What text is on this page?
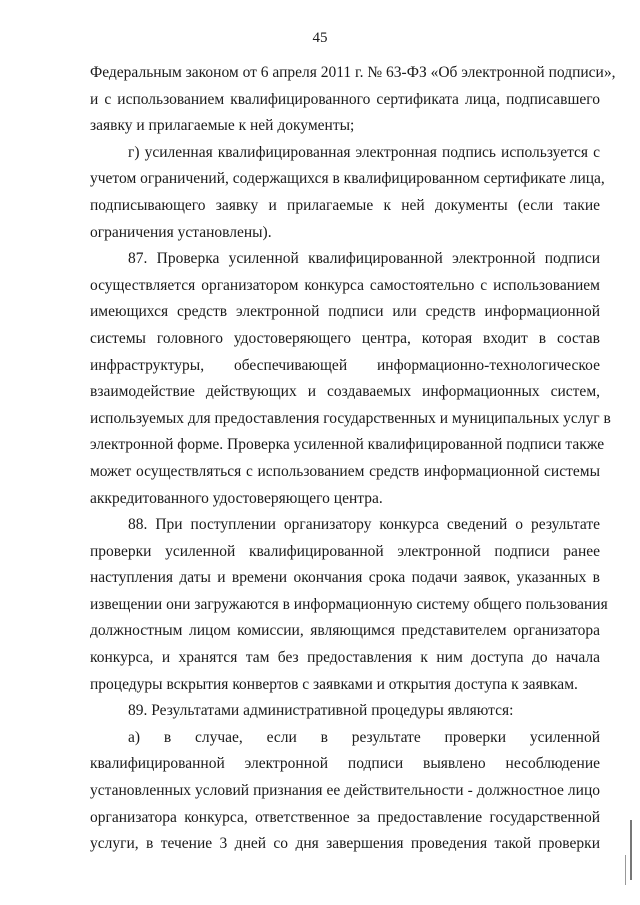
45
Федеральным законом от 6 апреля 2011 г. № 63-ФЗ «Об электронной подписи»,
и с использованием квалифицированного сертификата лица, подписавшего
заявку и прилагаемые к ней документы;
г) усиленная квалифицированная электронная подпись используется с
учетом ограничений, содержащихся в квалифицированном сертификате лица,
подписывающего заявку и прилагаемые к ней документы (если такие
ограничения установлены).
87. Проверка усиленной квалифицированной электронной подписи
осуществляется организатором конкурса самостоятельно с использованием
имеющихся средств электронной подписи или средств информационной
системы головного удостоверяющего центра, которая входит в состав
инфраструктуры, обеспечивающей информационно-технологическое
взаимодействие действующих и создаваемых информационных систем,
используемых для предоставления государственных и муниципальных услуг в
электронной форме. Проверка усиленной квалифицированной подписи также
может осуществляться с использованием средств информационной системы
аккредитованного удостоверяющего центра.
88. При поступлении организатору конкурса сведений о результате
проверки усиленной квалифицированной электронной подписи ранее
наступления даты и времени окончания срока подачи заявок, указанных в
извещении они загружаются в информационную систему общего пользования
должностным лицом комиссии, являющимся представителем организатора
конкурса, и хранятся там без предоставления к ним доступа до начала
процедуры вскрытия конвертов с заявками и открытия доступа к заявкам.
89. Результатами административной процедуры являются:
а) в случае, если в результате проверки усиленной
квалифицированной электронной подписи выявлено несоблюдение
установленных условий признания ее действительности - должностное лицо
организатора конкурса, ответственное за предоставление государственной
услуги, в течение 3 дней со дня завершения проведения такой проверки
